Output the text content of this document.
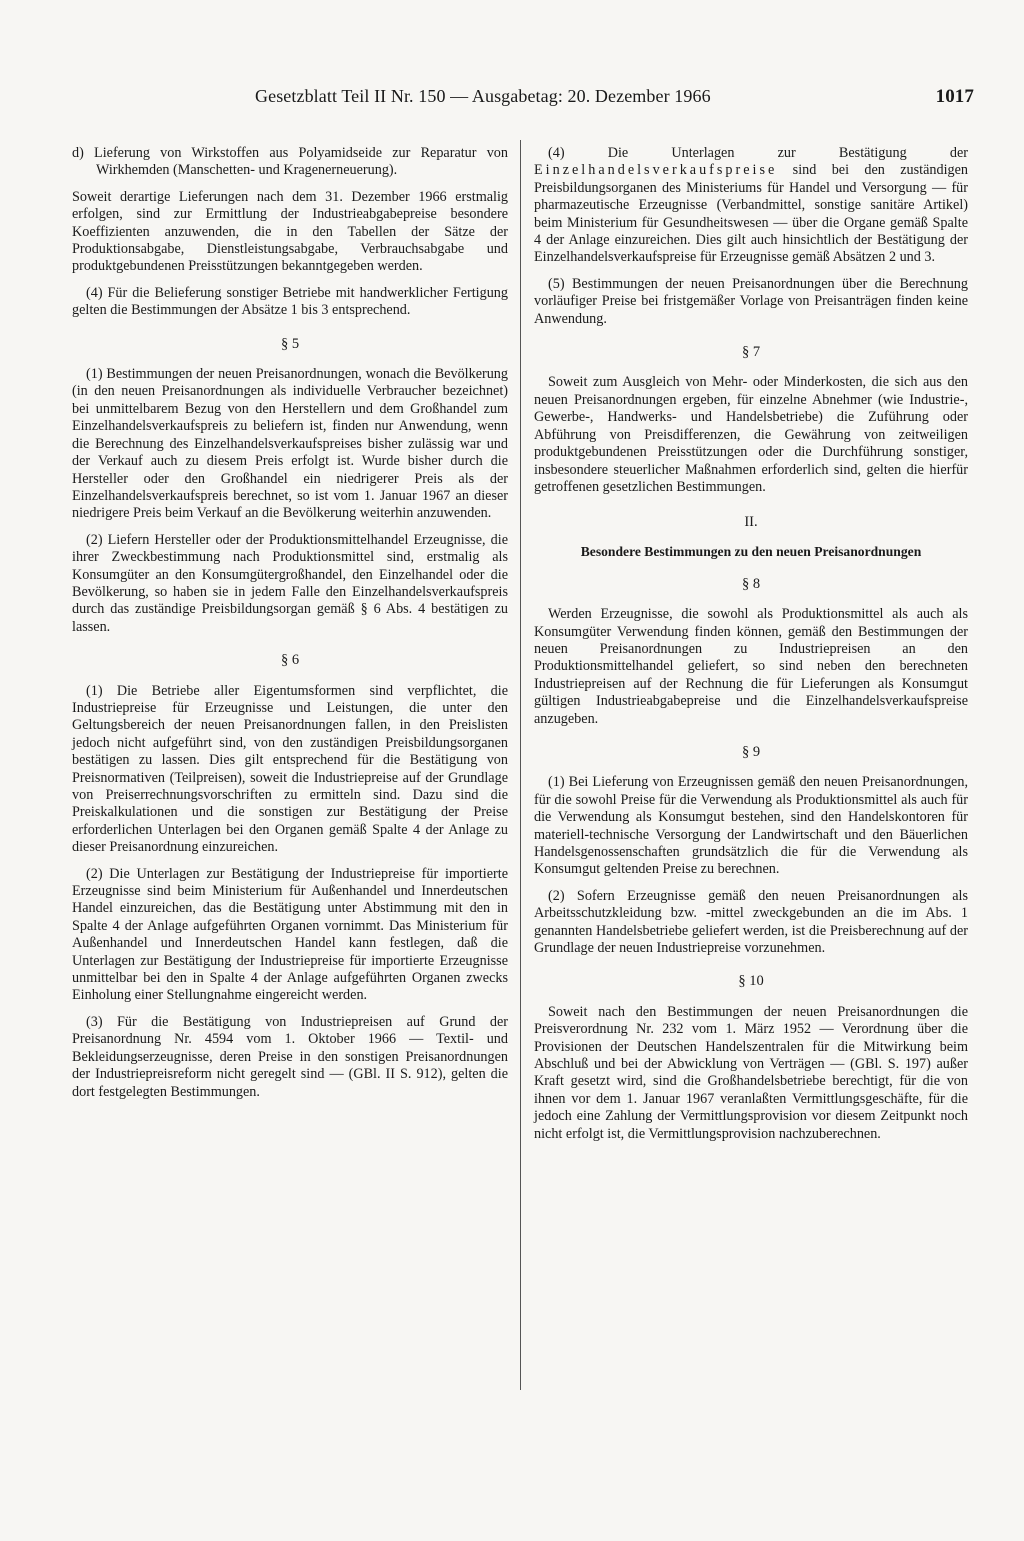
Gesetzblatt Teil II Nr. 150 — Ausgabetag: 20. Dezember 1966	1017

d) Lieferung von Wirkstoffen aus Polyamidseide zur Reparatur von Wirkhemden (Manschetten- und Kragenerneuerung).

Soweit derartige Lieferungen nach dem 31. Dezember 1966 erstmalig erfolgen, sind zur Ermittlung der Industrieabgabepreise besondere Koeffizienten anzuwenden, die in den Tabellen der Sätze der Produktionsabgabe, Dienstleistungsabgabe, Verbrauchsabgabe und produktgebundenen Preisstützungen bekanntgegeben werden.

(4) Für die Belieferung sonstiger Betriebe mit handwerklicher Fertigung gelten die Bestimmungen der Absätze 1 bis 3 entsprechend.

§ 5

(1) Bestimmungen der neuen Preisanordnungen, wonach die Bevölkerung (in den neuen Preisanordnungen als individuelle Verbraucher bezeichnet) bei unmittelbarem Bezug von den Herstellern und dem Großhandel zum Einzelhandelsverkaufspreis zu beliefern ist, finden nur Anwendung, wenn die Berechnung des Einzelhandelsverkaufspreises bisher zulässig war und der Verkauf auch zu diesem Preis erfolgt ist. Wurde bisher durch die Hersteller oder den Großhandel ein niedrigerer Preis als der Einzelhandelsverkaufspreis berechnet, so ist vom 1. Januar 1967 an dieser niedrigere Preis beim Verkauf an die Bevölkerung weiterhin anzuwenden.

(2) Liefern Hersteller oder der Produktionsmittelhandel Erzeugnisse, die ihrer Zweckbestimmung nach Produktionsmittel sind, erstmalig als Konsumgüter an den Konsumgütergroßhandel, den Einzelhandel oder die Bevölkerung, so haben sie in jedem Falle den Einzelhandelsverkaufspreis durch das zuständige Preisbildungsorgan gemäß § 6 Abs. 4 bestätigen zu lassen.

§ 6

(1) Die Betriebe aller Eigentumsformen sind verpflichtet, die Industriepreise für Erzeugnisse und Leistungen, die unter den Geltungsbereich der neuen Preisanordnungen fallen, in den Preislisten jedoch nicht aufgeführt sind, von den zuständigen Preisbildungsorganen bestätigen zu lassen. Dies gilt entsprechend für die Bestätigung von Preisnormativen (Teilpreisen), soweit die Industriepreise auf der Grundlage von Preiserrechnungsvorschriften zu ermitteln sind. Dazu sind die Preiskalkulationen und die sonstigen zur Bestätigung der Preise erforderlichen Unterlagen bei den Organen gemäß Spalte 4 der Anlage zu dieser Preisanordnung einzureichen.

(2) Die Unterlagen zur Bestätigung der Industriepreise für importierte Erzeugnisse sind beim Ministerium für Außenhandel und Innerdeutschen Handel einzureichen, das die Bestätigung unter Abstimmung mit den in Spalte 4 der Anlage aufgeführten Organen vornimmt. Das Ministerium für Außenhandel und Innerdeutschen Handel kann festlegen, daß die Unterlagen zur Bestätigung der Industriepreise für importierte Erzeugnisse unmittelbar bei den in Spalte 4 der Anlage aufgeführten Organen zwecks Einholung einer Stellungnahme eingereicht werden.

(3) Für die Bestätigung von Industriepreisen auf Grund der Preisanordnung Nr. 4594 vom 1. Oktober 1966 — Textil- und Bekleidungserzeugnisse, deren Preise in den sonstigen Preisanordnungen der Industriepreisreform nicht geregelt sind — (GBl. II S. 912), gelten die dort festgelegten Bestimmungen.

(4) Die Unterlagen zur Bestätigung der Einzelhandelsverkaufspreise sind bei den zuständigen Preisbildungsorganen des Ministeriums für Handel und Versorgung — für pharmazeutische Erzeugnisse (Verbandmittel, sonstige sanitäre Artikel) beim Ministerium für Gesundheitswesen — über die Organe gemäß Spalte 4 der Anlage einzureichen. Dies gilt auch hinsichtlich der Bestätigung der Einzelhandelsverkaufspreise für Erzeugnisse gemäß Absätzen 2 und 3.

(5) Bestimmungen der neuen Preisanordnungen über die Berechnung vorläufiger Preise bei fristgemäßer Vorlage von Preisanträgen finden keine Anwendung.

§ 7

Soweit zum Ausgleich von Mehr- oder Minderkosten, die sich aus den neuen Preisanordnungen ergeben, für einzelne Abnehmer (wie Industrie-, Gewerbe-, Handwerks- und Handelsbetriebe) die Zuführung oder Abführung von Preisdifferenzen, die Gewährung von zeitweiligen produktgebundenen Preisstützungen oder die Durchführung sonstiger, insbesondere steuerlicher Maßnahmen erforderlich sind, gelten die hierfür getroffenen gesetzlichen Bestimmungen.

II.
Besondere Bestimmungen zu den neuen Preisanordnungen
§ 8

Werden Erzeugnisse, die sowohl als Produktionsmittel als auch als Konsumgüter Verwendung finden können, gemäß den Bestimmungen der neuen Preisanordnungen zu Industriepreisen an den Produktionsmittelhandel geliefert, so sind neben den berechneten Industriepreisen auf der Rechnung die für Lieferungen als Konsumgut gültigen Industrieabgabepreise und die Einzelhandelsverkaufspreise anzugeben.

§ 9

(1) Bei Lieferung von Erzeugnissen gemäß den neuen Preisanordnungen, für die sowohl Preise für die Verwendung als Produktionsmittel als auch für die Verwendung als Konsumgut bestehen, sind den Handelskontoren für materiell-technische Versorgung der Landwirtschaft und den Bäuerlichen Handelsgenossenschaften grundsätzlich die für die Verwendung als Konsumgut geltenden Preise zu berechnen.

(2) Sofern Erzeugnisse gemäß den neuen Preisanordnungen als Arbeitsschutzkleidung bzw. -mittel zweckgebunden an die im Abs. 1 genannten Handelsbetriebe geliefert werden, ist die Preisberechnung auf der Grundlage der neuen Industriepreise vorzunehmen.

§ 10

Soweit nach den Bestimmungen der neuen Preisanordnungen die Preisverordnung Nr. 232 vom 1. März 1952 — Verordnung über die Provisionen der Deutschen Handelszentralen für die Mitwirkung beim Abschluß und bei der Abwicklung von Verträgen — (GBl. S. 197) außer Kraft gesetzt wird, sind die Großhandelsbetriebe berechtigt, für die von ihnen vor dem 1. Januar 1967 veranlaßten Vermittlungsgeschäfte, für die jedoch eine Zahlung der Vermittlungsprovision vor diesem Zeitpunkt noch nicht erfolgt ist, die Vermittlungsprovision nachzuberechnen.
